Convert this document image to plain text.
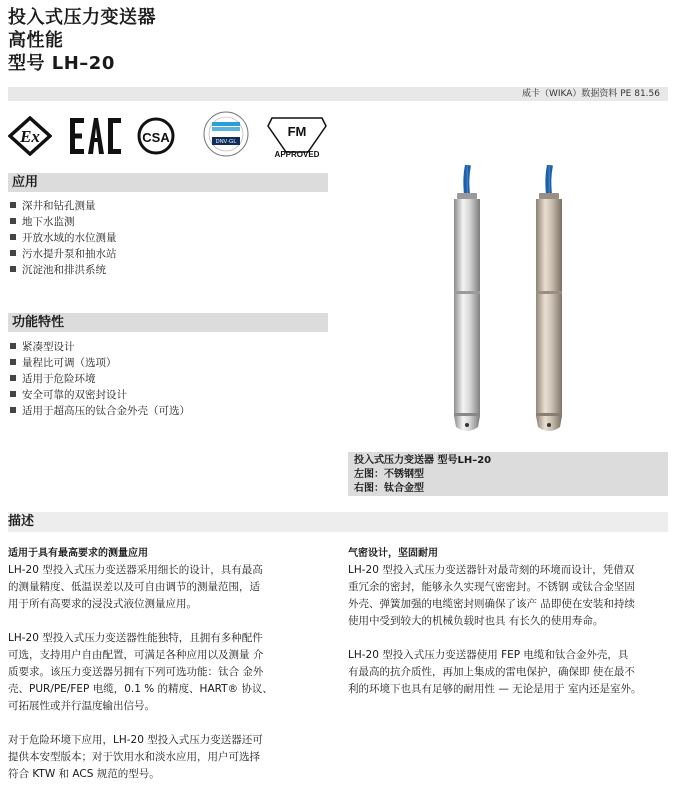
投入式压力变送器
高性能
型号 LH–20
威卡（WIKA）数据资料 PE 81.56
Ex	CSA	DNV·GL
FM
APPROVED
应用
深井和钻孔测量
地下水监测
开放水域的水位测量
污水提升泵和抽水站
沉淀池和排洪系统
功能特性
紧凑型设计
量程比可调（选项）
适用于危险环境
安全可靠的双密封设计
适用于超高压的钛合金外壳（可选）
投入式压力变送器 型号LH–20
左图：不锈钢型
右图：钛合金型
描述

适用于具有最高要求的测量应用

LH-20 型投入式压力变送器采用细长的设计，具有最高

的测量精度、低温误差以及可自由调节的测量范围，适

用于所有高要求的浸没式液位测量应用。

LH-20 型投入式压力变送器性能独特，且拥有多种配件

可选，支持用户自由配置，可满足各种应用以及测量 介

质要求。该压力变送器另拥有下列可选功能：钛合 金外

壳、PUR/PE/FEP 电缆，0.1 % 的精度、HART® 协议、

可拓展性或并行温度输出信号。

对于危险环境下应用，LH-20 型投入式压力变送器还可

提供本安型版本；对于饮用水和淡水应用，用户可选择

符合 KTW 和 ACS 规范的型号。

气密设计，坚固耐用

LH-20 型投入式压力变送器针对最苛刻的环境而设计，凭借双

重冗余的密封，能够永久实现气密密封。不锈钢 或钛合金坚固

外壳、弹簧加强的电缆密封则确保了该产 品即使在安装和持续

使用中受到较大的机械负载时也具 有长久的使用寿命。

LH-20 型投入式压力变送器使用 FEP 电缆和钛合金外壳，具

有最高的抗介质性，再加上集成的雷电保护，确保即 使在最不

利的环境下也具有足够的耐用性 — 无论是用于 室内还是室外。
